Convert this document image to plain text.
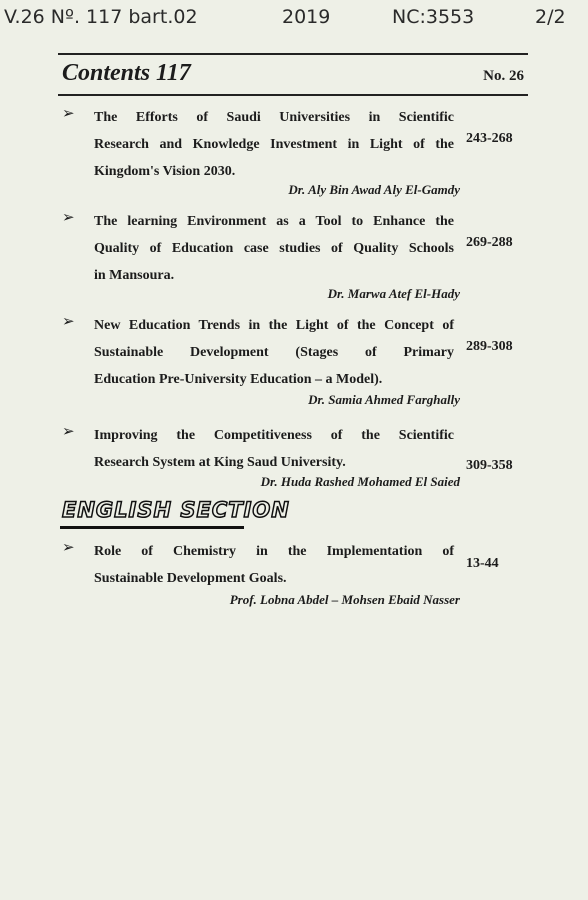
V.26 Nº. 117 bart.02	2019	NC:3553	2/2
Contents 117	No. 26
➢ The Efforts of Saudi Universities in Scientific
Research and Knowledge Investment in Light of the
Kingdom's Vision 2030.
243-268
Dr. Aly Bin Awad Aly El-Gamdy
➢ The learning Environment as a Tool to Enhance the
Quality of Education case studies of Quality Schools
in Mansoura.
269-288
Dr. Marwa Atef El-Hady
➢ New Education Trends in the Light of the Concept of
Sustainable Development (Stages of Primary
Education Pre-University Education – a Model).
289-308
Dr. Samia Ahmed Farghally
➢ Improving the Competitiveness of the Scientific
Research System at King Saud University.	309-358
Dr. Huda Rashed Mohamed El Saied
ENGLISH SECTION
➢ Role of Chemistry in the Implementation of
Sustainable Development Goals.
13-44
Prof. Lobna Abdel – Mohsen Ebaid Nasser
